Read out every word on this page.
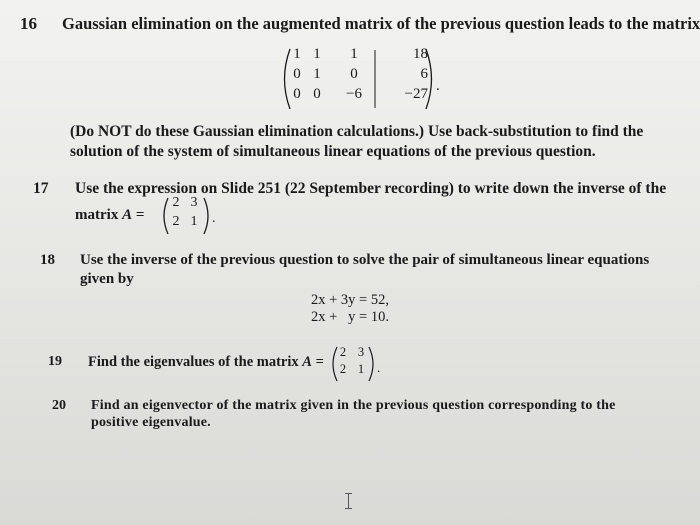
16 Gaussian elimination on the augmented matrix of the previous question leads to the matrix
1 1	1	18
0 1	0	6
0 0	−6	−27 .
(Do NOT do these Gaussian elimination calculations.) Use back-substitution to find the
solution of the system of simultaneous linear equations of the previous question.
17 Use the expression on Slide 251 (22 September recording) to write down the inverse of the
matrix A =
2 3
2 1	.
18 Use the inverse of the previous question to solve the pair of simultaneous linear equations
given by
2x + 3y = 52,
2x +   y = 10.
19 Find the eigenvalues of the matrix A =
2 3
2 1 .
20 Find an eigenvector of the matrix given in the previous question corresponding to the
positive eigenvalue.
